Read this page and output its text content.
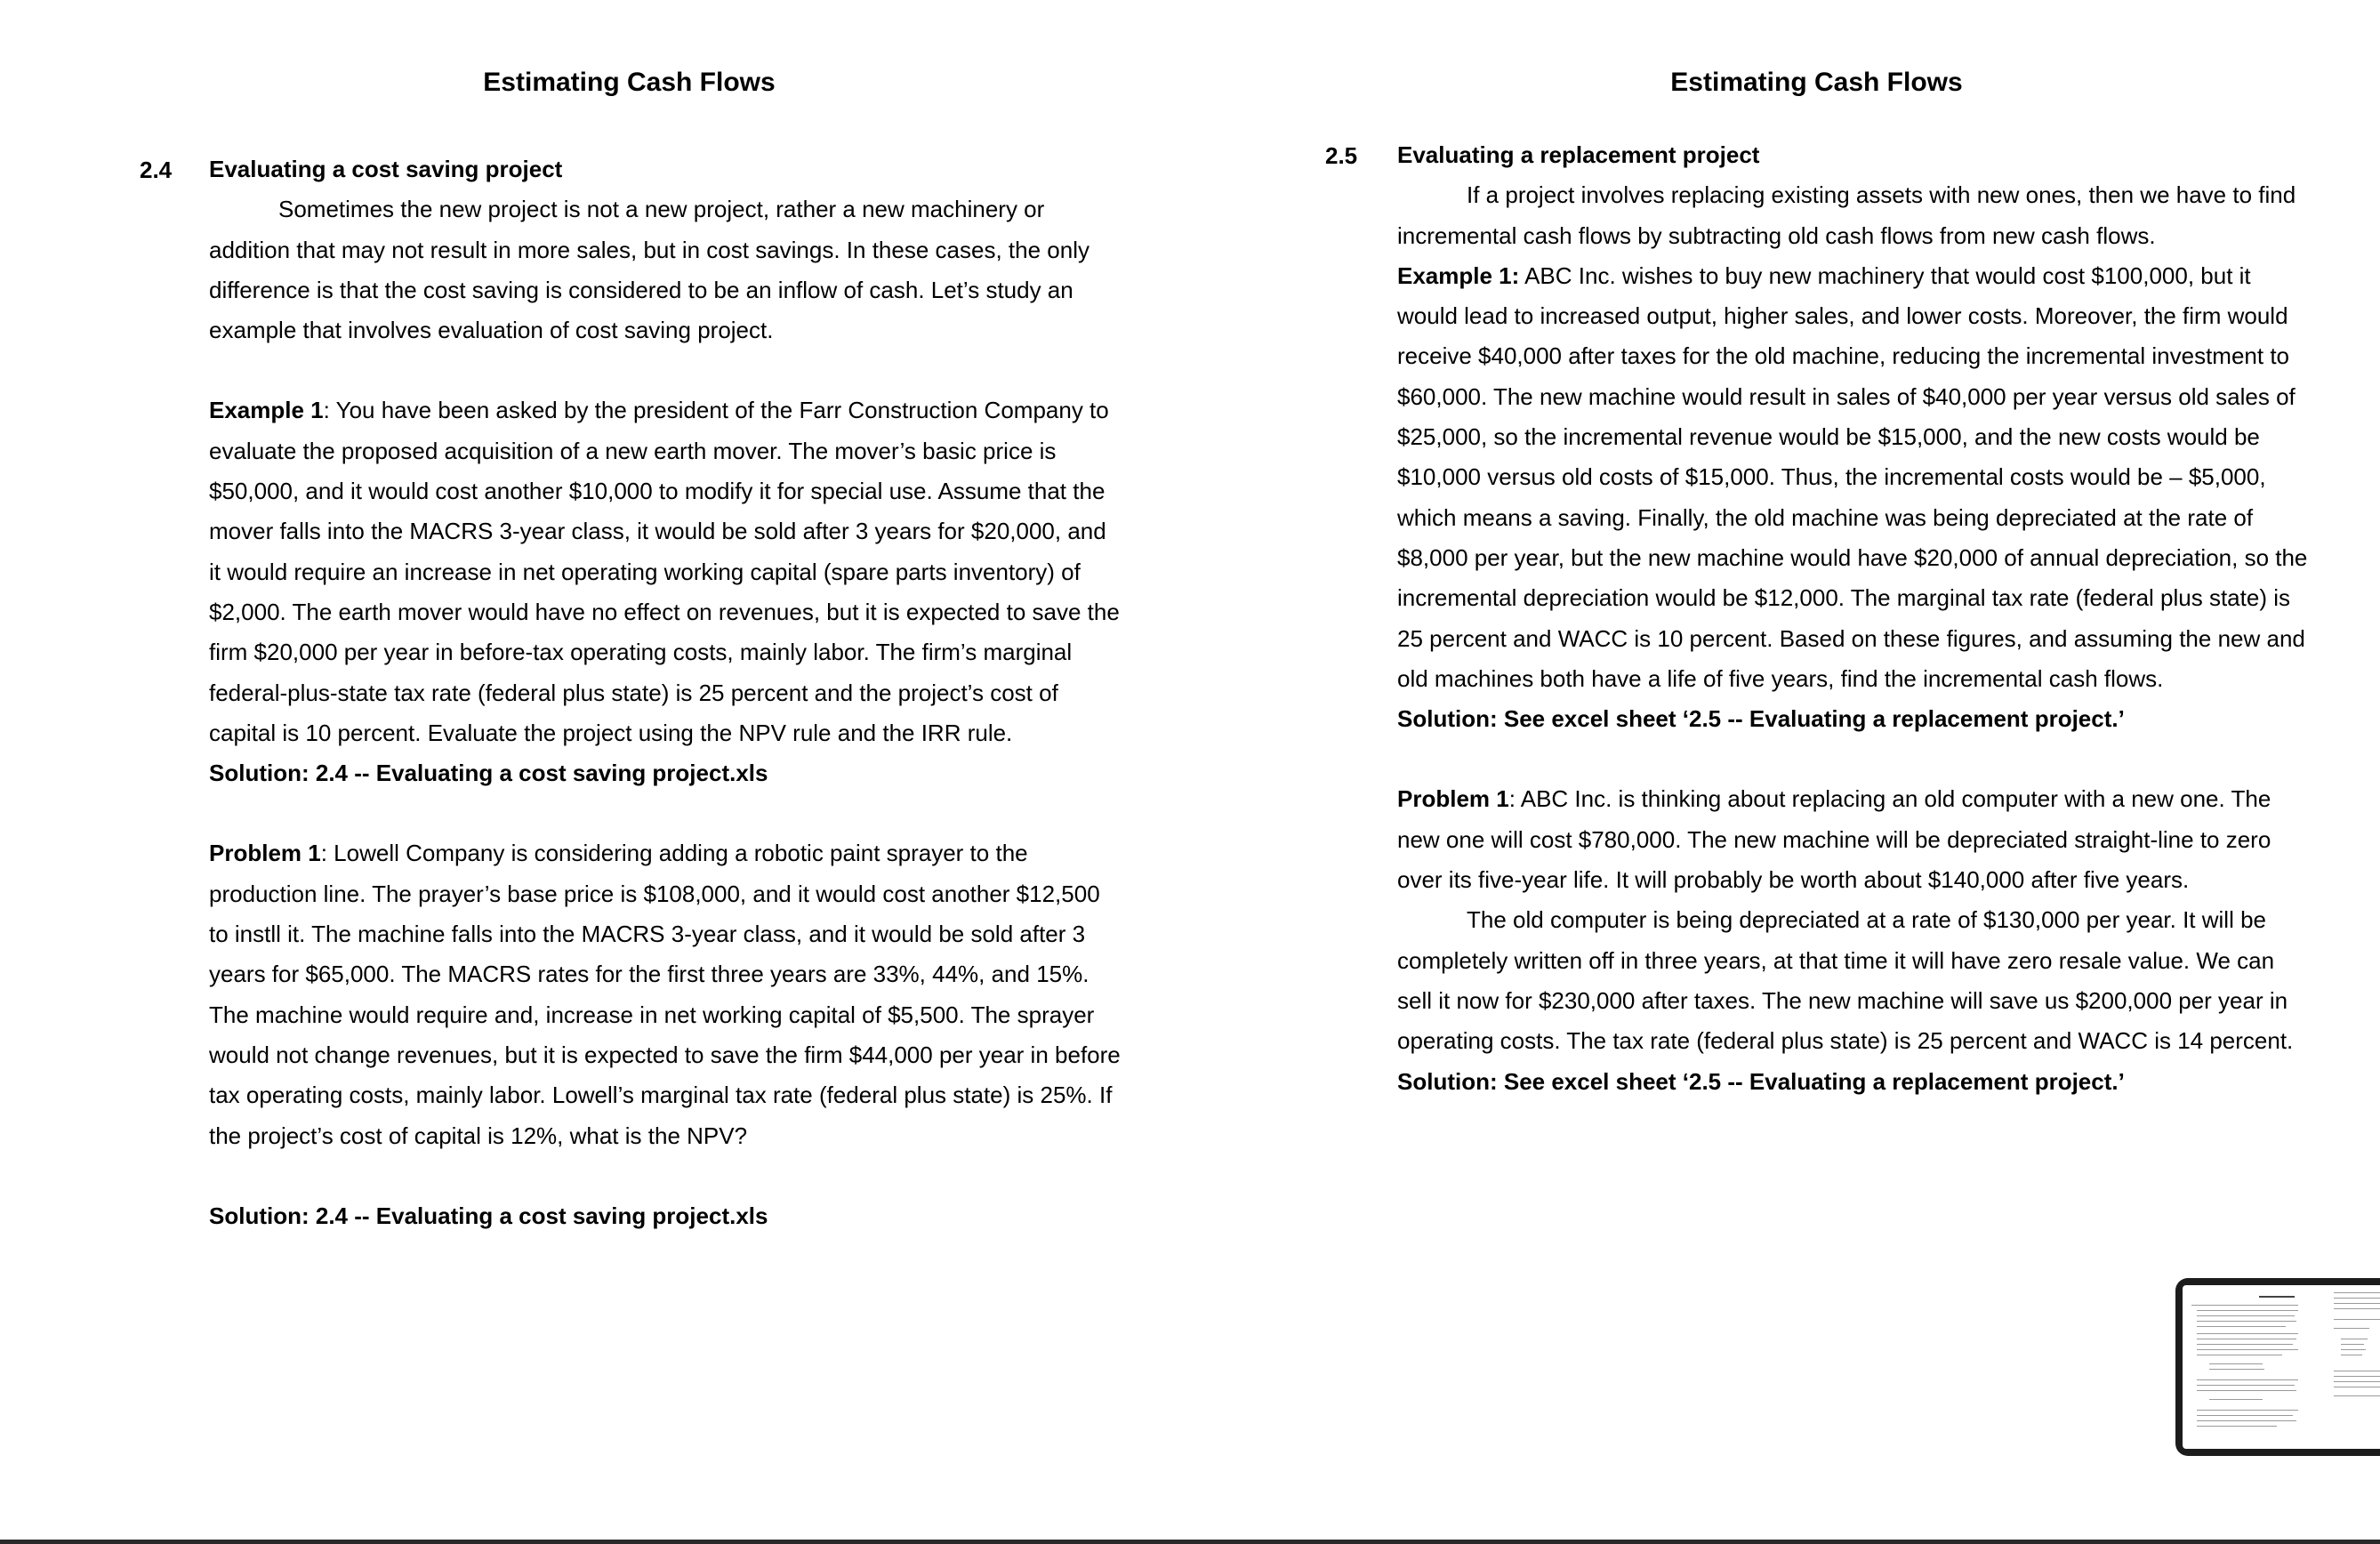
Estimating Cash Flows
2.4 Evaluating a cost saving project

Sometimes the new project is not a new project, rather a new machinery or addition that may not result in more sales, but in cost savings. In these cases, the only difference is that the cost saving is considered to be an inflow of cash. Let’s study an example that involves evaluation of cost saving project.

Example 1: You have been asked by the president of the Farr Construction Company to evaluate the proposed acquisition of a new earth mover. The mover’s basic price is $50,000, and it would cost another $10,000 to modify it for special use. Assume that the mover falls into the MACRS 3-year class, it would be sold after 3 years for $20,000, and it would require an increase in net operating working capital (spare parts inventory) of $2,000. The earth mover would have no effect on revenues, but it is expected to save the firm $20,000 per year in before-tax operating costs, mainly labor. The firm’s marginal federal-plus-state tax rate (federal plus state) is 25 percent and the project’s cost of capital is 10 percent. Evaluate the project using the NPV rule and the IRR rule.

Solution: 2.4 -- Evaluating a cost saving project.xls

Problem 1: Lowell Company is considering adding a robotic paint sprayer to the production line. The prayer’s base price is $108,000, and it would cost another $12,500 to instll it. The machine falls into the MACRS 3-year class, and it would be sold after 3 years for $65,000. The MACRS rates for the first three years are 33%, 44%, and 15%. The machine would require and, increase in net working capital of $5,500. The sprayer would not change revenues, but it is expected to save the firm $44,000 per year in before tax operating costs, mainly labor. Lowell’s marginal tax rate (federal plus state) is 25%. If the project’s cost of capital is 12%, what is the NPV?

Solution: 2.4 -- Evaluating a cost saving project.xls

Estimating Cash Flows
2.5 Evaluating a replacement project

If a project involves replacing existing assets with new ones, then we have to find incremental cash flows by subtracting old cash flows from new cash flows.

Example 1: ABC Inc. wishes to buy new machinery that would cost $100,000, but it would lead to increased output, higher sales, and lower costs. Moreover, the firm would receive $40,000 after taxes for the old machine, reducing the incremental investment to $60,000. The new machine would result in sales of $40,000 per year versus old sales of $25,000, so the incremental revenue would be $15,000, and the new costs would be $10,000 versus old costs of $15,000. Thus, the incremental costs would be – $5,000, which means a saving. Finally, the old machine was being depreciated at the rate of $8,000 per year, but the new machine would have $20,000 of annual depreciation, so the incremental depreciation would be $12,000. The marginal tax rate (federal plus state) is 25 percent and WACC is 10 percent. Based on these figures, and assuming the new and old machines both have a life of five years, find the incremental cash flows.

Solution: See excel sheet ‘2.5 -- Evaluating a replacement project.’

Problem 1: ABC Inc. is thinking about replacing an old computer with a new one. The new one will cost $780,000. The new machine will be depreciated straight-line to zero over its five-year life. It will probably be worth about $140,000 after five years.

The old computer is being depreciated at a rate of $130,000 per year. It will be completely written off in three years, at that time it will have zero resale value. We can sell it now for $230,000 after taxes. The new machine will save us $200,000 per year in operating costs. The tax rate (federal plus state) is 25 percent and WACC is 14 percent.

Solution: See excel sheet ‘2.5 -- Evaluating a replacement project.’
